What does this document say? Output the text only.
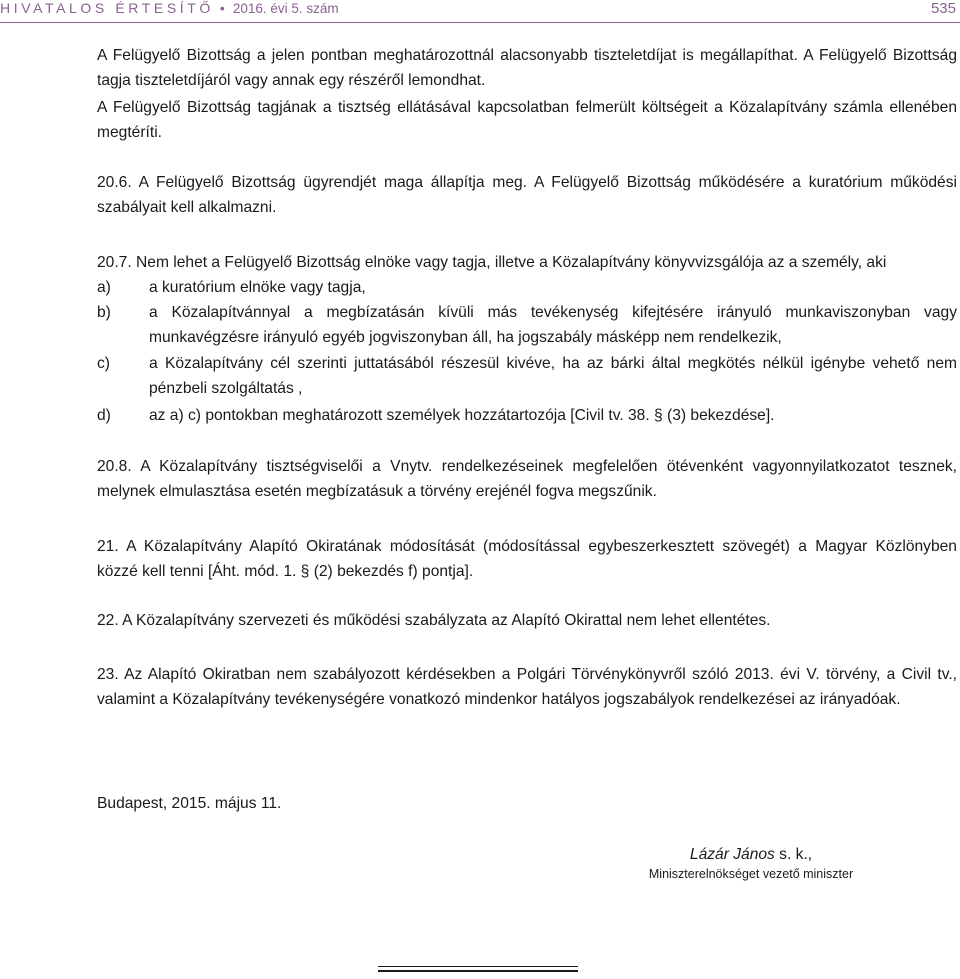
HIVATALOS ÉRTESÍTŐ • 2016. évi 5. szám	535
A Felügyelő Bizottság a jelen pontban meghatározottnál alacsonyabb tiszteletdíjat is megállapíthat. A Felügyelő Bizottság tagja tiszteletdíjáról vagy annak egy részéről lemondhat.
A Felügyelő Bizottság tagjának a tisztség ellátásával kapcsolatban felmerült költségeit a Közalapítvány számla ellenében megtéríti.
20.6. A Felügyelő Bizottság ügyrendjét maga állapítja meg. A Felügyelő Bizottság működésére a kuratórium működési szabályait kell alkalmazni.
20.7. Nem lehet a Felügyelő Bizottság elnöke vagy tagja, illetve a Közalapítvány könyvvizsgálója az a személy, aki
a) a kuratórium elnöke vagy tagja,
b) a Közalapítvánnyal a megbízatásán kívüli más tevékenység kifejtésére irányuló munkaviszonyban vagy munkavégzésre irányuló egyéb jogviszonyban áll, ha jogszabály másképp nem rendelkezik,
c)	a Közalapítvány cél szerinti juttatásából részesül kivéve, ha az bárki által megkötés nélkül igénybe vehető nem pénzbeli szolgáltatás ,
d) az a) c) pontokban meghatározott személyek hozzátartozója [Civil tv. 38. § (3) bekezdése].
20.8. A Közalapítvány tisztségviselői a Vnytv. rendelkezéseinek megfelelően ötévenként vagyonnyilatkozatot tesznek, melynek elmulasztása esetén megbízatásuk a törvény erejénél fogva megszűnik.
21. A Közalapítvány Alapító Okiratának módosítását (módosítással egybeszerkesztett szövegét) a Magyar Közlönyben közzé kell tenni [Áht. mód. 1. § (2) bekezdés f) pontja].
22. A Közalapítvány szervezeti és működési szabályzata az Alapító Okirattal nem lehet ellentétes.
23. Az Alapító Okiratban nem szabályozott kérdésekben a Polgári Törvénykönyvről szóló 2013. évi V. törvény, a Civil tv., valamint a Közalapítvány tevékenységére vonatkozó mindenkor hatályos jogszabályok rendelkezései az irányadóak.
Budapest, 2015. május 11.
Lázár János s. k.,
Miniszterelnökséget vezető miniszter
